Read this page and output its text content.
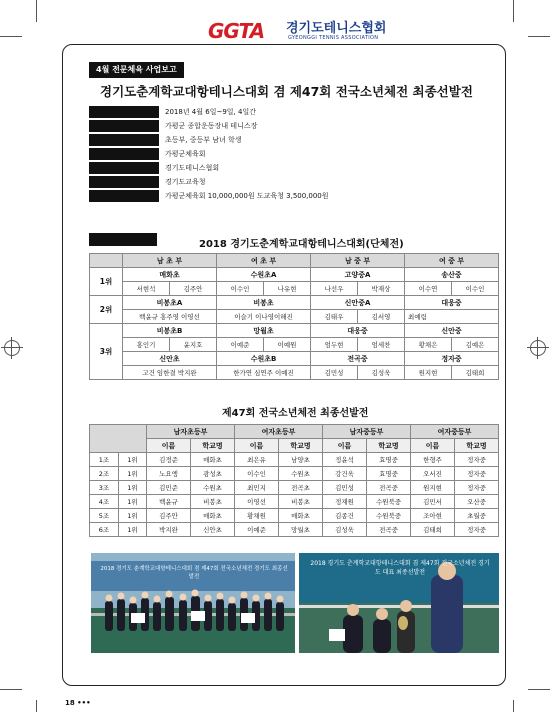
GGTA 경기도테니스협회
GYEONGGI TENNIS ASSOCIATION
4월 전문체육 사업보고
경기도춘계학교대항테니스대회 겸 제47회 전국소년체전 최종선발전
2018년 4월 6일~9일, 4일간
가평군 종합운동장내 테니스장
초등부, 중등부 남녀 학생
가평군체육회
경기도테니스협회
경기도교육청
가평군체육회 10,000,000원 도교육청 3,500,000원
2018 경기도춘계학교대항테니스대회(단체전)
	남 초 부		여 초 부		남 중 부		여 중 부	
1위	매화초		수원초A		고양중A		송산중	
	서현석	김주안	이수인	나유현	나선우	박재상	이수연	이수인
2위	비봉초A		비봉초		신안중A		대웅중	
	백윤규 홍주영 이영선		이슬기 이나영이해진		김태우	김서영	최예림	
3위	비봉초B		망월초		대웅중		신안중	
	홍인기	윤지호	이예준	이예원	엄두현	엄세찬	황채은	김예은
	신안초		수원초B		전곡중		정자중	
	고건 임한결 박지완		한가연 심연주 이예진		김민성	김성욱	원지현	김태희
제47회 전국소년체전 최종선발전
		남자초등부		여자초등부		남자중등부		여자중등부	
		이름	학교명	이름	학교명	이름	학교명	이름	학교명
1조	1위	김정준	매화초	최은유	남양초	정윤석	효명중	한형주	정자중
2조	1위	노요엥	광성초	이수인	수원초	강건욱	효명중	오서진	정자중
3조	1위	김민준	수원초	최민지	전곡초	김민성	전곡중	원지현	정자중
4조	1위	백윤규	비봉초	이영선	비봉초	정재원	수원북중	김민서	오산중
5조	1위	김주안	매화초	황채원	매화초	김종건	수원북중	조아현	초월중
6조	1위	박지완	신안초	이예준	망월초	김성욱	전곡중	김태희	정자중
2018 경기도 춘계학교대항테니스대회 겸 제47회 전국소년체전 경기도 최종선발전
2018 경기도 춘계학교대항테니스대회 겸 제47회 전국소년체전 경기도 대표 최종선발전
18 •••
